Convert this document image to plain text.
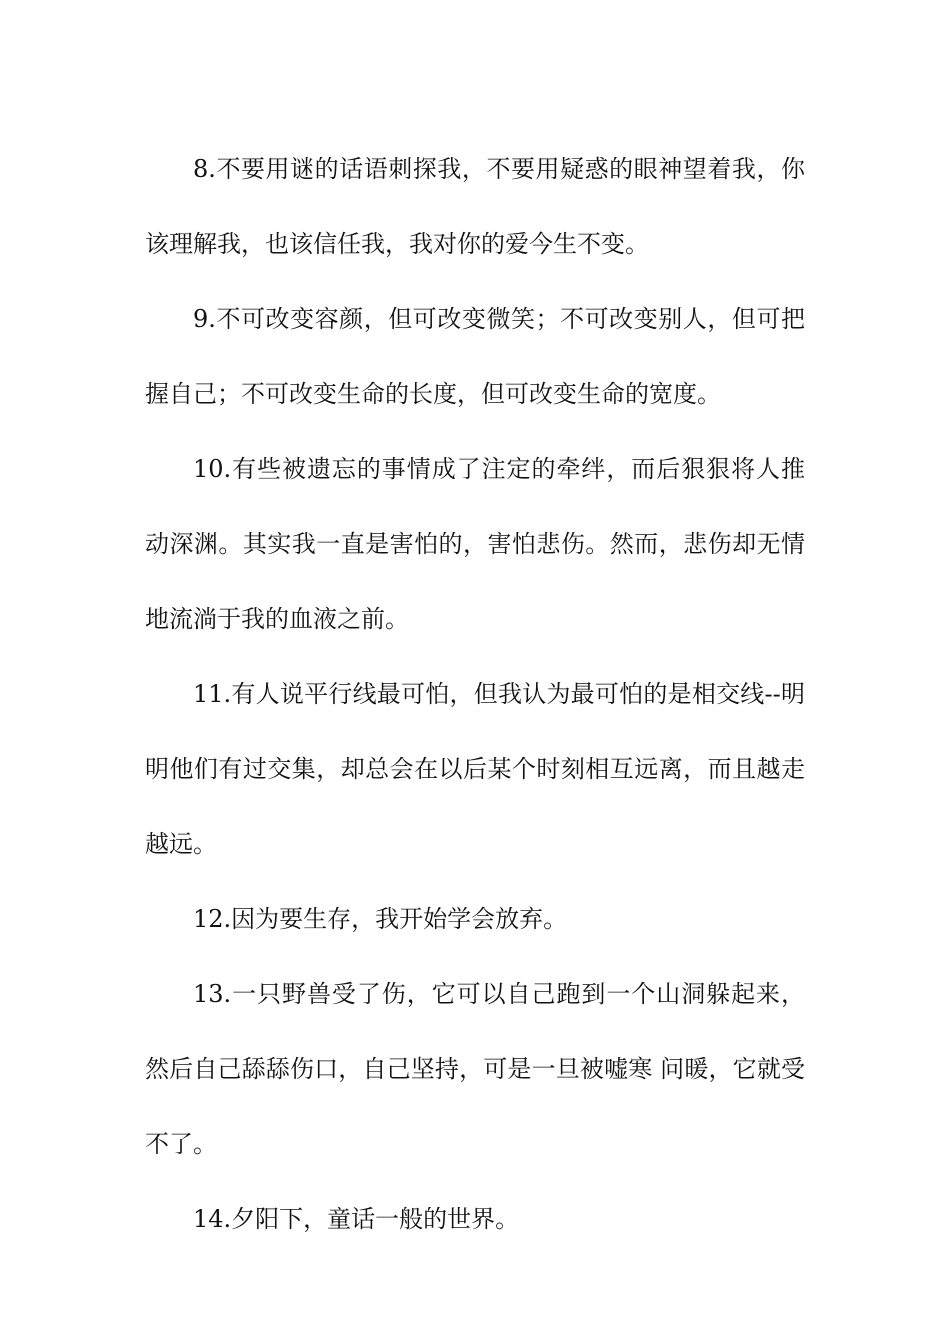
8.不要用谜的话语刺探我，不要用疑惑的眼神望着我，你该理解我，也该信任我，我对你的爱今生不变。

9.不可改变容颜，但可改变微笑；不可改变别人，但可把握自己；不可改变生命的长度，但可改变生命的宽度。

10.有些被遗忘的事情成了注定的牵绊，而后狠狠将人推动深渊。其实我一直是害怕的，害怕悲伤。然而，悲伤却无情地流淌于我的血液之前。

11.有人说平行线最可怕，但我认为最可怕的是相交线--明明他们有过交集，却总会在以后某个时刻相互远离，而且越走越远。

12.因为要生存，我开始学会放弃。

13.一只野兽受了伤，它可以自己跑到一个山洞躲起来，然后自己舔舔伤口，自己坚持，可是一旦被嘘寒 问暖，它就受不了。

14.夕阳下，童话一般的世界。
